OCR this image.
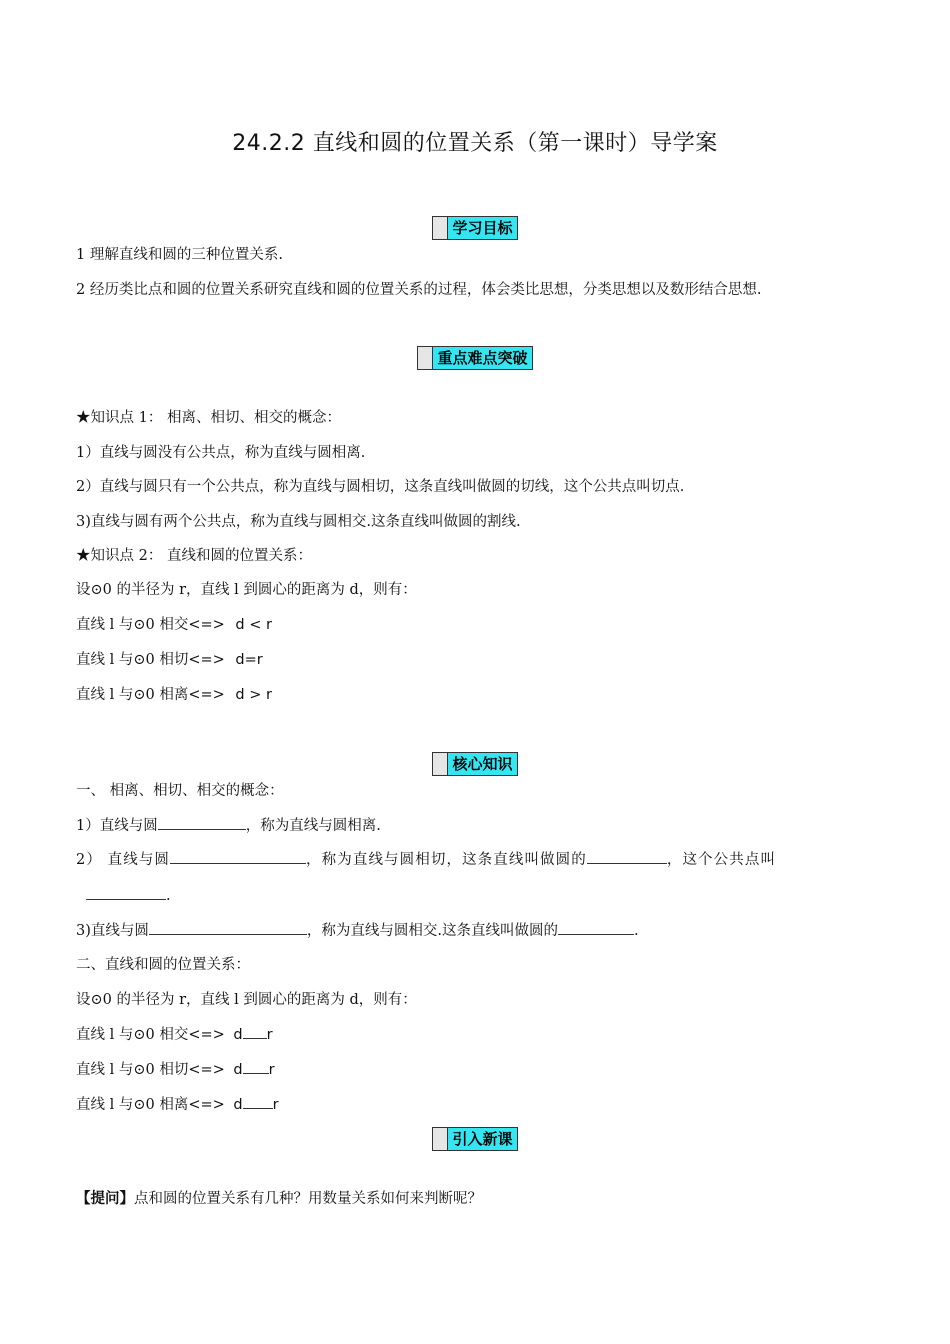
24.2.2 直线和圆的位置关系（第一课时）导学案
学习目标
1 理解直线和圆的三种位置关系.
2 经历类比点和圆的位置关系研究直线和圆的位置关系的过程，体会类比思想，分类思想以及数形结合思想.
重点难点突破
★知识点 1： 相离、相切、相交的概念：
1）直线与圆没有公共点，称为直线与圆相离.
2）直线与圆只有一个公共点，称为直线与圆相切，这条直线叫做圆的切线，这个公共点叫切点.
3)直线与圆有两个公共点，称为直线与圆相交.这条直线叫做圆的割线.
★知识点 2： 直线和圆的位置关系：
设⊙0 的半径为 r，直线 l 到圆心的距离为 d，则有：
直线 l 与⊙0 相交<=> d < r
直线 l 与⊙0 相切<=> d=r
直线 l 与⊙0 相离<=> d > r
核心知识
一、 相离、相切、相交的概念：
1）直线与圆	，称为直线与圆相离.
2） 直线与圆	，称为直线与圆相切，这条直线叫做圆的	，这个公共点叫
.
3)直线与圆	，称为直线与圆相交.这条直线叫做圆的	.
二、直线和圆的位置关系：
设⊙0 的半径为 r，直线 l 到圆心的距离为 d，则有：
直线 l 与⊙0 相交<=> d r
直线 l 与⊙0 相切<=> d r
直线 l 与⊙0 相离<=> d r
引入新课
【提问】点和圆的位置关系有几种？用数量关系如何来判断呢？
